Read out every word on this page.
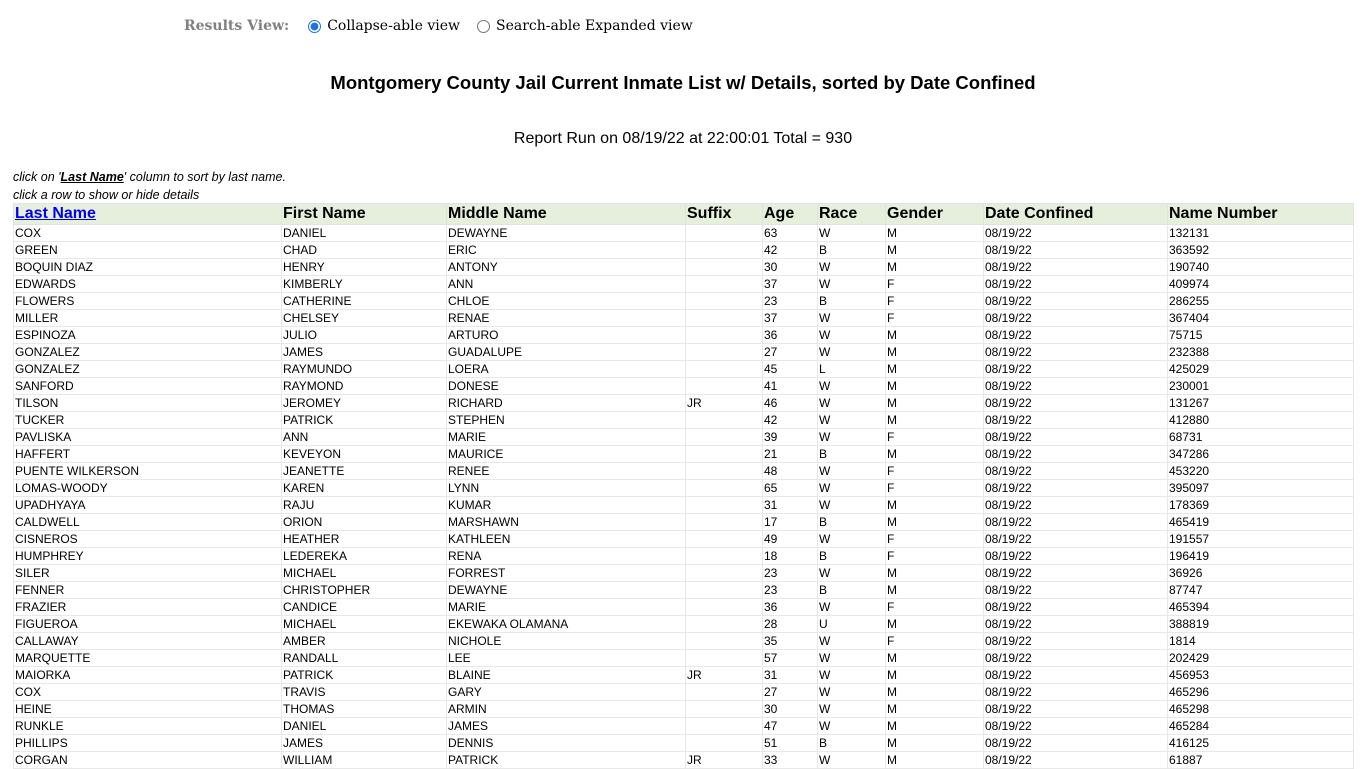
Results View:	Collapse-able view	Search-able Expanded view
Montgomery County Jail Current Inmate List w/ Details, sorted by Date Confined
Report Run on 08/19/22 at 22:00:01 Total = 930
click on 'Last Name' column to sort by last name.
click a row to show or hide details
Last Name	First Name	Middle Name	Suffix	Age	Race	Gender	Date Confined	Name Number
COX	DANIEL	DEWAYNE		63	W	M	08/19/22	132131
GREEN	CHAD	ERIC		42	B	M	08/19/22	363592
BOQUIN DIAZ	HENRY	ANTONY		30	W	M	08/19/22	190740
EDWARDS	KIMBERLY	ANN		37	W	F	08/19/22	409974
FLOWERS	CATHERINE	CHLOE		23	B	F	08/19/22	286255
MILLER	CHELSEY	RENAE		37	W	F	08/19/22	367404
ESPINOZA	JULIO	ARTURO		36	W	M	08/19/22	75715
GONZALEZ	JAMES	GUADALUPE		27	W	M	08/19/22	232388
GONZALEZ	RAYMUNDO	LOERA		45	L	M	08/19/22	425029
SANFORD	RAYMOND	DONESE		41	W	M	08/19/22	230001
TILSON	JEROMEY	RICHARD	JR	46	W	M	08/19/22	131267
TUCKER	PATRICK	STEPHEN		42	W	M	08/19/22	412880
PAVLISKA	ANN	MARIE		39	W	F	08/19/22	68731
HAFFERT	KEVEYON	MAURICE		21	B	M	08/19/22	347286
PUENTE WILKERSON	JEANETTE	RENEE		48	W	F	08/19/22	453220
LOMAS-WOODY	KAREN	LYNN		65	W	F	08/19/22	395097
UPADHYAYA	RAJU	KUMAR		31	W	M	08/19/22	178369
CALDWELL	ORION	MARSHAWN		17	B	M	08/19/22	465419
CISNEROS	HEATHER	KATHLEEN		49	W	F	08/19/22	191557
HUMPHREY	LEDEREKA	RENA		18	B	F	08/19/22	196419
SILER	MICHAEL	FORREST		23	W	M	08/19/22	36926
FENNER	CHRISTOPHER	DEWAYNE		23	B	M	08/19/22	87747
FRAZIER	CANDICE	MARIE		36	W	F	08/19/22	465394
FIGUEROA	MICHAEL	EKEWAKA OLAMANA		28	U	M	08/19/22	388819
CALLAWAY	AMBER	NICHOLE		35	W	F	08/19/22	1814
MARQUETTE	RANDALL	LEE		57	W	M	08/19/22	202429
MAIORKA	PATRICK	BLAINE	JR	31	W	M	08/19/22	456953
COX	TRAVIS	GARY		27	W	M	08/19/22	465296
HEINE	THOMAS	ARMIN		30	W	M	08/19/22	465298
RUNKLE	DANIEL	JAMES		47	W	M	08/19/22	465284
PHILLIPS	JAMES	DENNIS		51	B	M	08/19/22	416125
CORGAN	WILLIAM	PATRICK	JR	33	W	M	08/19/22	61887
